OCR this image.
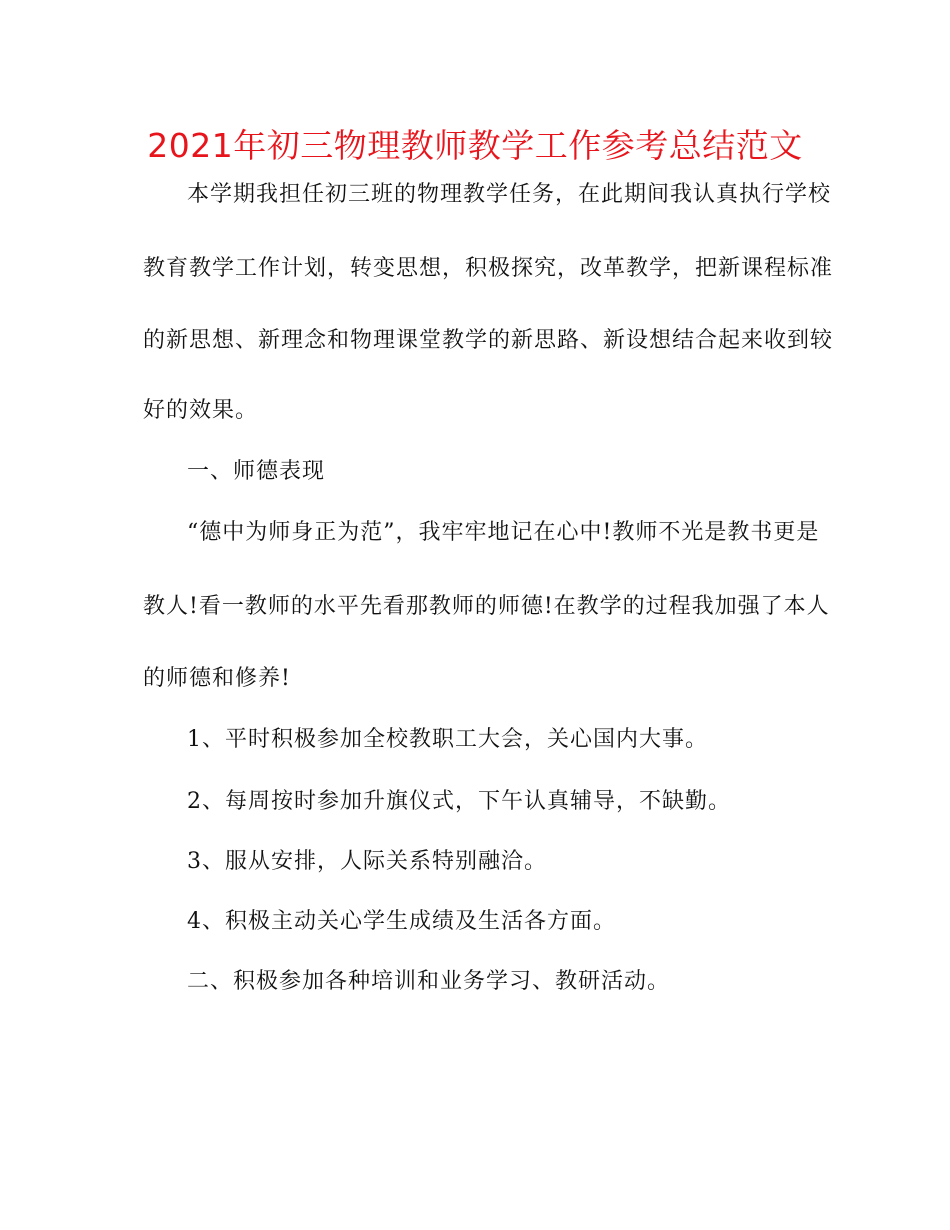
2021年初三物理教师教学工作参考总结范文
本学期我担任初三班的物理教学任务，在此期间我认真执行学校
教育教学工作计划，转变思想，积极探究，改革教学，把新课程标准
的新思想、新理念和物理课堂教学的新思路、新设想结合起来收到较
好的效果。
一、师德表现
“德中为师身正为范”，我牢牢地记在心中!教师不光是教书更是
教人!看一教师的水平先看那教师的师德!在教学的过程我加强了本人
的师德和修养!
1、平时积极参加全校教职工大会，关心国内大事。
2、每周按时参加升旗仪式，下午认真辅导，不缺勤。
3、服从安排，人际关系特别融洽。
4、积极主动关心学生成绩及生活各方面。
二、积极参加各种培训和业务学习、教研活动。
